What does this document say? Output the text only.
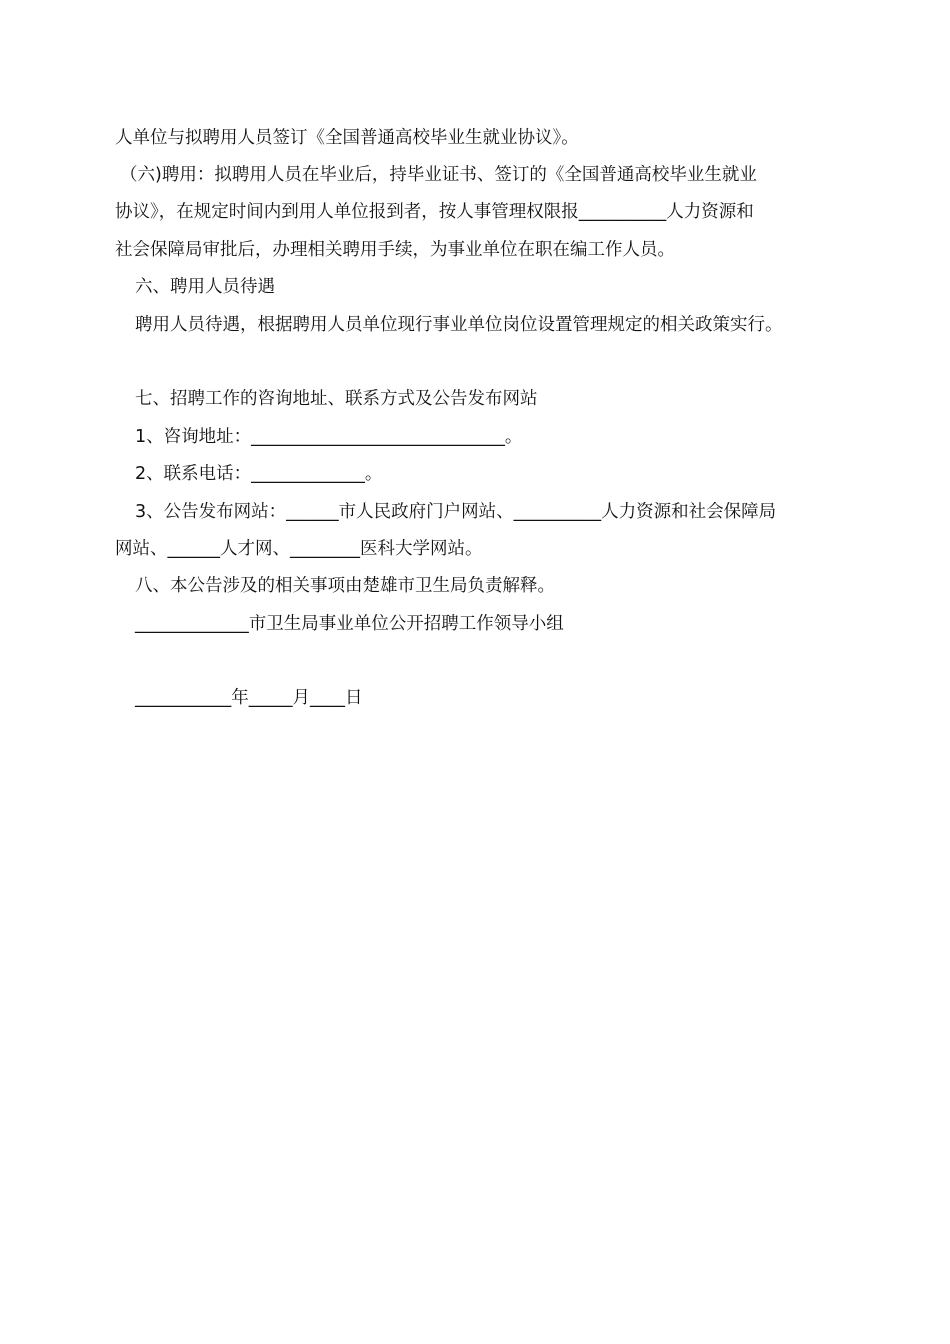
人单位与拟聘用人员签订《全国普通高校毕业生就业协议》。
（六)聘用：拟聘用人员在毕业后，持毕业证书、签订的《全国普通高校毕业生就业
协议》，在规定时间内到用人单位报到者，按人事管理权限报__________人力资源和
社会保障局审批后，办理相关聘用手续，为事业单位在职在编工作人员。
六、聘用人员待遇
聘用人员待遇，根据聘用人员单位现行事业单位岗位设置管理规定的相关政策实行。
七、招聘工作的咨询地址、联系方式及公告发布网站
1、咨询地址：_____________________________。
2、联系电话：_____________。
3、公告发布网站：______市人民政府门户网站、__________人力资源和社会保障局
网站、______人才网、________医科大学网站。
八、本公告涉及的相关事项由楚雄市卫生局负责解释。
_____________市卫生局事业单位公开招聘工作领导小组
___________年_____月____日
